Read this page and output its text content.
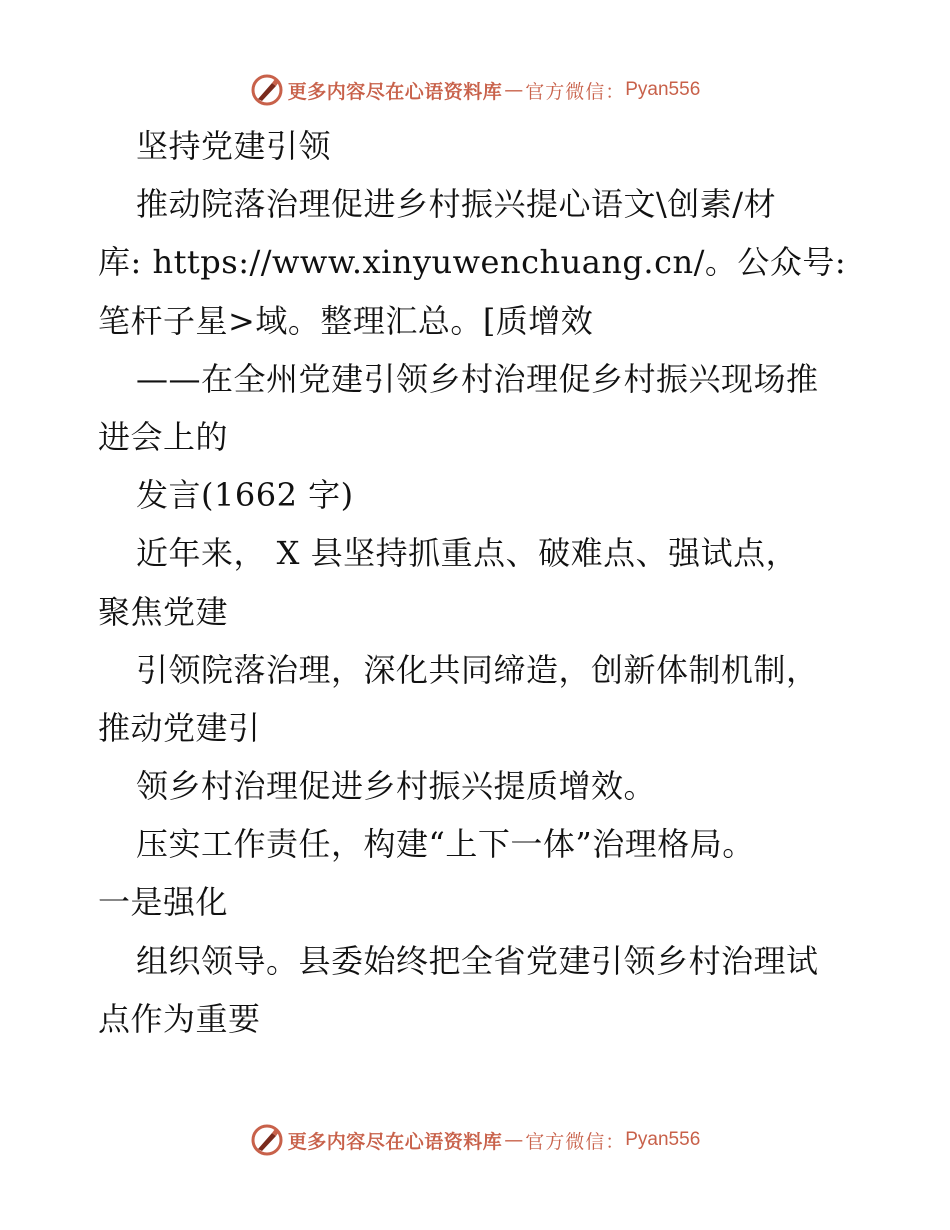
更多内容尽在心语资料库 — 官方微信： Pyan556
坚持党建引领
推动院落治理促进乡村振兴提心语文\创素/材
库: https://www.xinyuwenchuang.cn/。公众号:
笔杆子星>域。整理汇总。[质增效
——在全州党建引领乡村治理促乡村振兴现场推
进会上的
发言(1662 字)
近年来， X 县坚持抓重点、破难点、强试点，
聚焦党建
引领院落治理，深化共同缔造，创新体制机制，
推动党建引
领乡村治理促进乡村振兴提质增效。
压实工作责任，构建“上下一体”治理格局。
一是强化
组织领导。县委始终把全省党建引领乡村治理试
点作为重要
更多内容尽在心语资料库 — 官方微信： Pyan556
